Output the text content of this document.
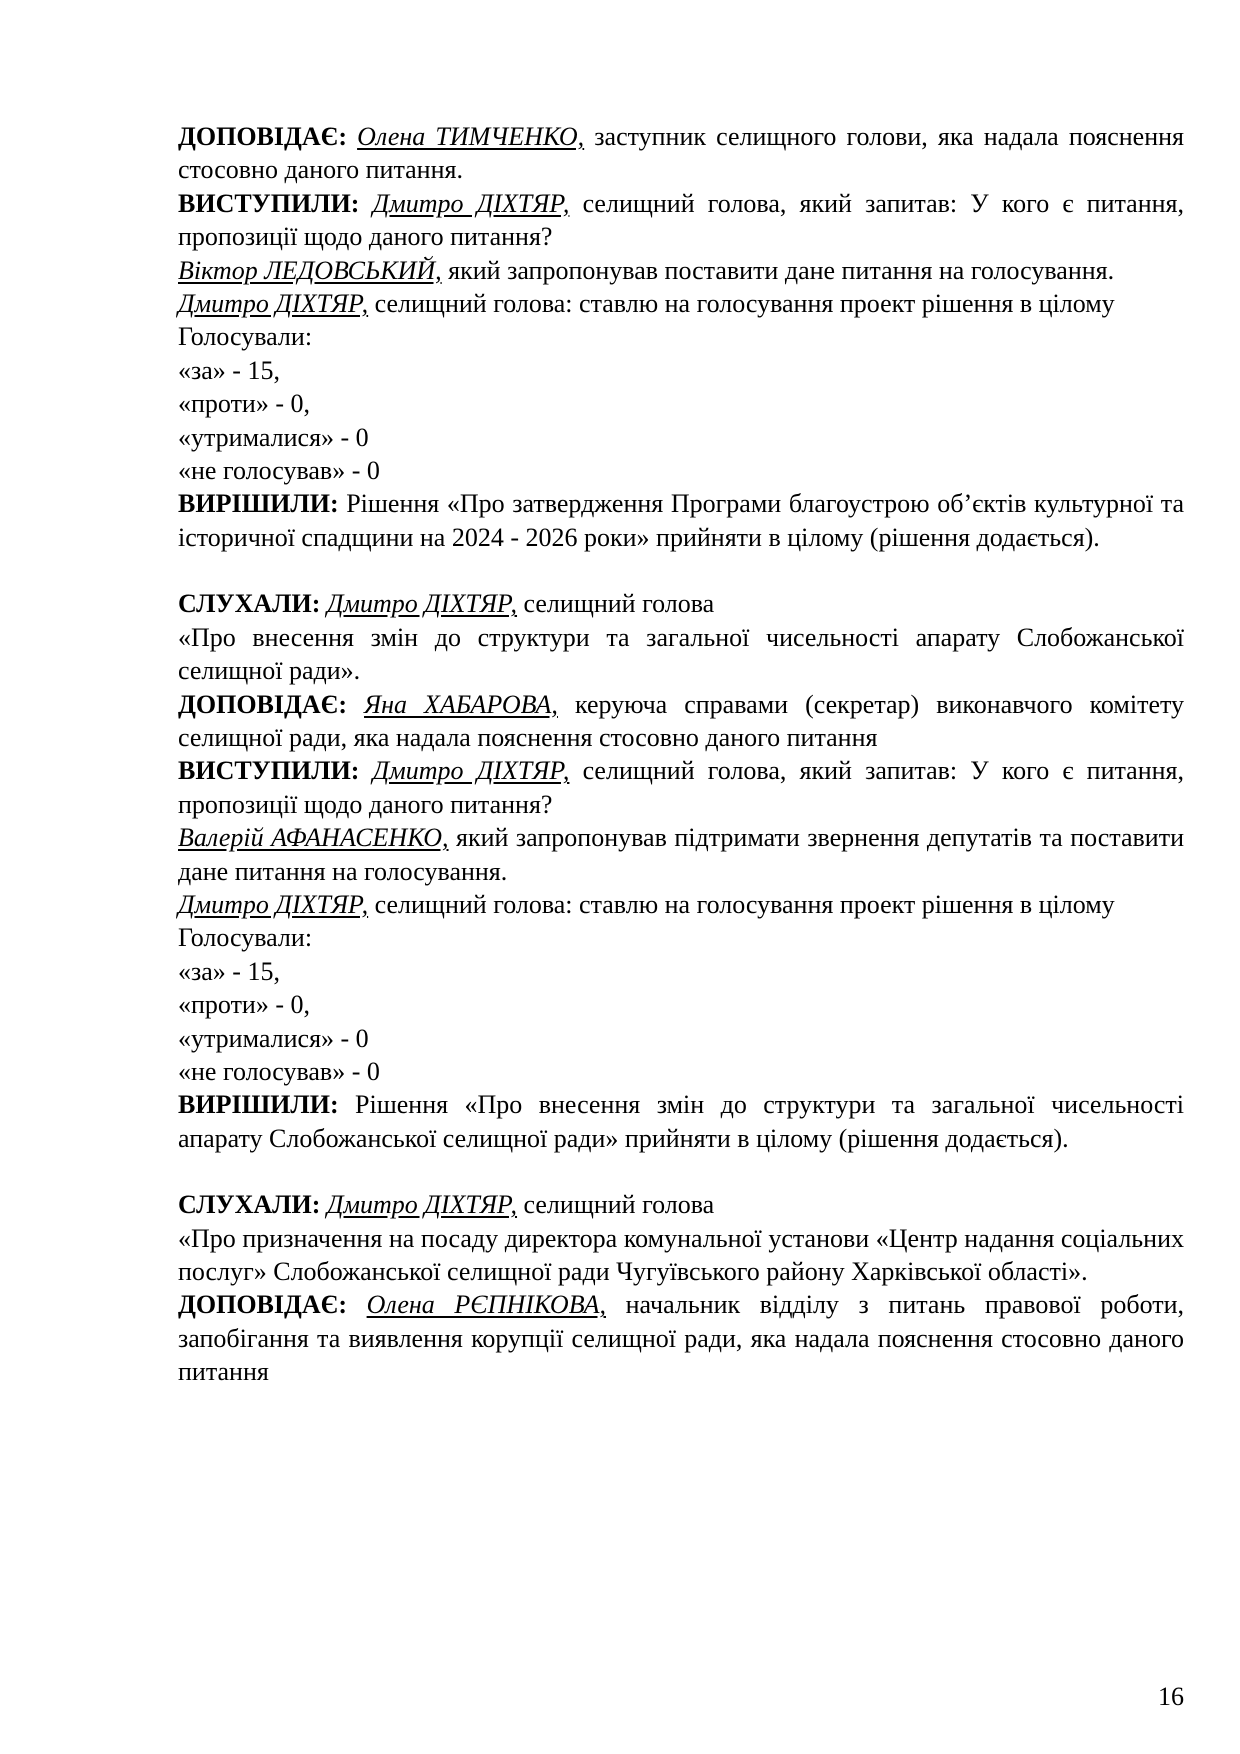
ДОПОВІДАЄ: Олена ТИМЧЕНКО, заступник селищного голови, яка надала пояснення стосовно даного питання.

ВИСТУПИЛИ: Дмитро ДІХТЯР, селищний голова, який запитав: У кого є питання, пропозиції щодо даного питання?

Віктор ЛЕДОВСЬКИЙ, який запропонував поставити дане питання на голосування.

Дмитро ДІХТЯР, селищний голова: ставлю на голосування проект рішення в цілому

Голосували:

«за» - 15,

«проти» - 0,

«утрималися» - 0

«не голосував» - 0

ВИРІШИЛИ: Рішення «Про затвердження Програми благоустрою об’єктів культурної та історичної спадщини на 2024 - 2026 роки» прийняти в цілому (рішення додається).

СЛУХАЛИ: Дмитро ДІХТЯР, селищний голова

«Про внесення змін до структури та загальної чисельності апарату Слобожанської селищної ради».

ДОПОВІДАЄ: Яна ХАБАРОВА, керуюча справами (секретар) виконавчого комітету селищної ради, яка надала пояснення стосовно даного питання

ВИСТУПИЛИ: Дмитро ДІХТЯР, селищний голова, який запитав: У кого є питання, пропозиції щодо даного питання?

Валерій АФАНАСЕНКО, який запропонував підтримати звернення депутатів та поставити дане питання на голосування.

Дмитро ДІХТЯР, селищний голова: ставлю на голосування проект рішення в цілому

Голосували:

«за» - 15,

«проти» - 0,

«утрималися» - 0

«не голосував» - 0

ВИРІШИЛИ: Рішення «Про внесення змін до структури та загальної чисельності апарату Слобожанської селищної ради» прийняти в цілому (рішення додається).

СЛУХАЛИ: Дмитро ДІХТЯР, селищний голова

«Про призначення на посаду директора комунальної установи «Центр надання соціальних послуг» Слобожанської селищної ради Чугуївського району Харківської області».

ДОПОВІДАЄ: Олена РЄПНІКОВА, начальник відділу з питань правової роботи, запобігання та виявлення корупції селищної ради, яка надала пояснення стосовно даного питання

16
